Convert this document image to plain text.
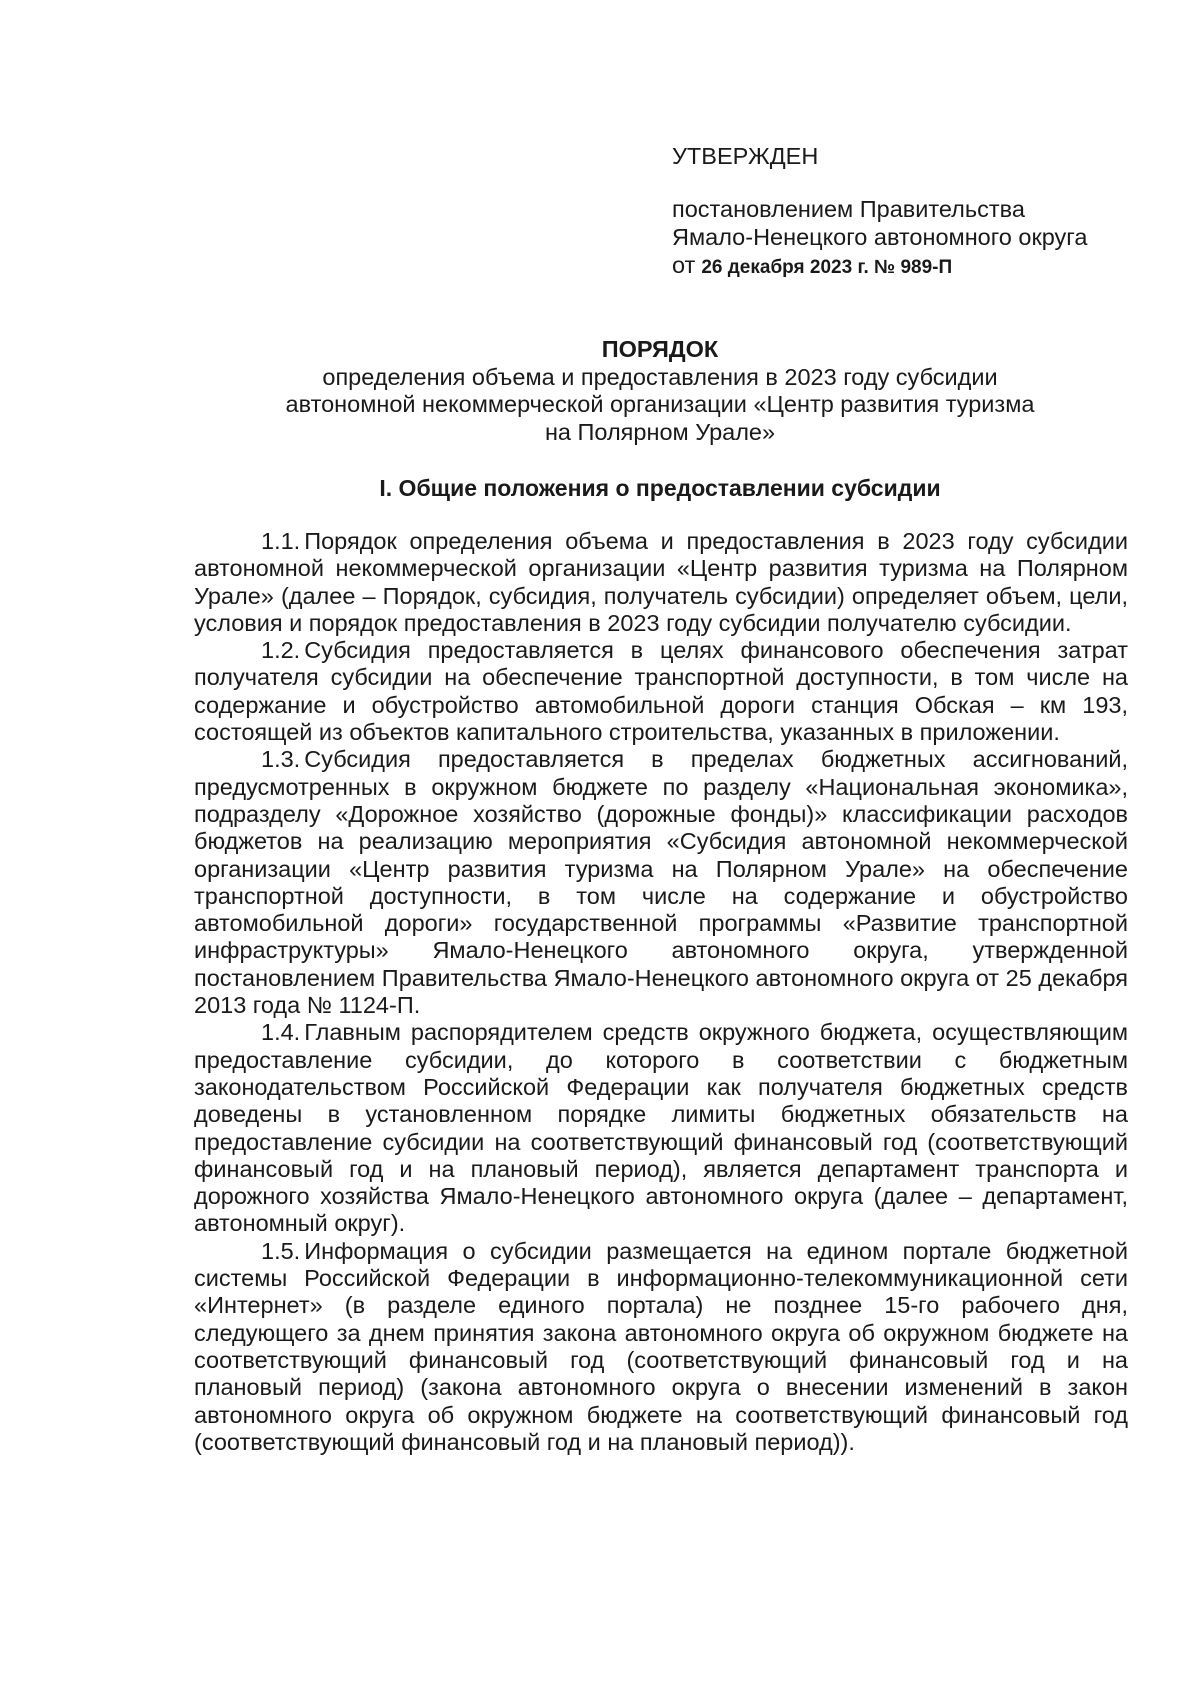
УТВЕРЖДЕН

постановлением Правительства

Ямало-Ненецкого автономного округа

от 26 декабря 2023 г. № 989-П

ПОРЯДОК

определения объема и предоставления в 2023 году субсидии

автономной некоммерческой организации «Центр развития туризма

на Полярном Урале»

I. Общие положения о предоставлении субсидии

1.1. Порядок определения объема и предоставления в 2023 году субсидии автономной некоммерческой организации «Центр развития туризма на Полярном Урале» (далее – Порядок, субсидия, получатель субсидии) определяет объем, цели, условия и порядок предоставления в 2023 году субсидии получателю субсидии.

1.2. Субсидия предоставляется в целях финансового обеспечения затрат получателя субсидии на обеспечение транспортной доступности, в том числе на содержание и обустройство автомобильной дороги станция Обская – км 193, состоящей из объектов капитального строительства, указанных в приложении.

1.3. Субсидия предоставляется в пределах бюджетных ассигнований, предусмотренных в окружном бюджете по разделу «Национальная экономика», подразделу «Дорожное хозяйство (дорожные фонды)» классификации расходов бюджетов на реализацию мероприятия «Субсидия автономной некоммерческой организации «Центр развития туризма на Полярном Урале» на обеспечение транспортной доступности, в том числе на содержание и обустройство автомобильной дороги» государственной программы «Развитие транспортной инфраструктуры» Ямало-Ненецкого автономного округа, утвержденной постановлением Правительства Ямало-Ненецкого автономного округа от 25 декабря 2013 года № 1124-П.

1.4. Главным распорядителем средств окружного бюджета, осуществляющим предоставление субсидии, до которого в соответствии с бюджетным законодательством Российской Федерации как получателя бюджетных средств доведены в установленном порядке лимиты бюджетных обязательств на предоставление субсидии на соответствующий финансовый год (соответствующий финансовый год и на плановый период), является департамент транспорта и дорожного хозяйства Ямало-Ненецкого автономного округа (далее – департамент, автономный округ).

1.5. Информация о субсидии размещается на едином портале бюджетной системы Российской Федерации в информационно-телекоммуникационной сети «Интернет» (в разделе единого портала) не позднее 15-го рабочего дня, следующего за днем принятия закона автономного округа об окружном бюджете на соответствующий финансовый год (соответствующий финансовый год и на плановый период) (закона автономного округа о внесении изменений в закон автономного округа об окружном бюджете на соответствующий финансовый год (соответствующий финансовый год и на плановый период)).
